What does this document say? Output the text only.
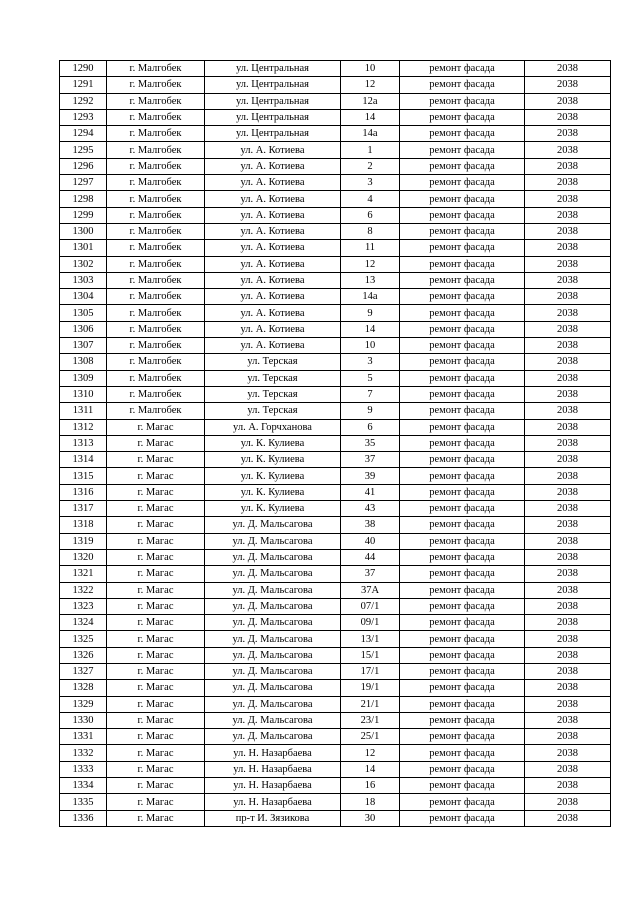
1290	г. Малгобек	ул. Центральная	10	ремонт фасада	2038
1291	г. Малгобек	ул. Центральная	12	ремонт фасада	2038
1292	г. Малгобек	ул. Центральная	12а	ремонт фасада	2038
1293	г. Малгобек	ул. Центральная	14	ремонт фасада	2038
1294	г. Малгобек	ул. Центральная	14а	ремонт фасада	2038
1295	г. Малгобек	ул. А. Котиева	1	ремонт фасада	2038
1296	г. Малгобек	ул. А. Котиева	2	ремонт фасада	2038
1297	г. Малгобек	ул. А. Котиева	3	ремонт фасада	2038
1298	г. Малгобек	ул. А. Котиева	4	ремонт фасада	2038
1299	г. Малгобек	ул. А. Котиева	6	ремонт фасада	2038
1300	г. Малгобек	ул. А. Котиева	8	ремонт фасада	2038
1301	г. Малгобек	ул. А. Котиева	11	ремонт фасада	2038
1302	г. Малгобек	ул. А. Котиева	12	ремонт фасада	2038
1303	г. Малгобек	ул. А. Котиева	13	ремонт фасада	2038
1304	г. Малгобек	ул. А. Котиева	14а	ремонт фасада	2038
1305	г. Малгобек	ул. А. Котиева	9	ремонт фасада	2038
1306	г. Малгобек	ул. А. Котиева	14	ремонт фасада	2038
1307	г. Малгобек	ул. А. Котиева	10	ремонт фасада	2038
1308	г. Малгобек	ул. Терская	3	ремонт фасада	2038
1309	г. Малгобек	ул. Терская	5	ремонт фасада	2038
1310	г. Малгобек	ул. Терская	7	ремонт фасада	2038
1311	г. Малгобек	ул. Терская	9	ремонт фасада	2038
1312	г. Магас	ул. А. Горчханова	6	ремонт фасада	2038
1313	г. Магас	ул. К. Кулиева	35	ремонт фасада	2038
1314	г. Магас	ул. К. Кулиева	37	ремонт фасада	2038
1315	г. Магас	ул. К. Кулиева	39	ремонт фасада	2038
1316	г. Магас	ул. К. Кулиева	41	ремонт фасада	2038
1317	г. Магас	ул. К. Кулиева	43	ремонт фасада	2038
1318	г. Магас	ул. Д. Мальсагова	38	ремонт фасада	2038
1319	г. Магас	ул. Д. Мальсагова	40	ремонт фасада	2038
1320	г. Магас	ул. Д. Мальсагова	44	ремонт фасада	2038
1321	г. Магас	ул. Д. Мальсагова	37	ремонт фасада	2038
1322	г. Магас	ул. Д. Мальсагова	37А	ремонт фасада	2038
1323	г. Магас	ул. Д. Мальсагова	07/1	ремонт фасада	2038
1324	г. Магас	ул. Д. Мальсагова	09/1	ремонт фасада	2038
1325	г. Магас	ул. Д. Мальсагова	13/1	ремонт фасада	2038
1326	г. Магас	ул. Д. Мальсагова	15/1	ремонт фасада	2038
1327	г. Магас	ул. Д. Мальсагова	17/1	ремонт фасада	2038
1328	г. Магас	ул. Д. Мальсагова	19/1	ремонт фасада	2038
1329	г. Магас	ул. Д. Мальсагова	21/1	ремонт фасада	2038
1330	г. Магас	ул. Д. Мальсагова	23/1	ремонт фасада	2038
1331	г. Магас	ул. Д. Мальсагова	25/1	ремонт фасада	2038
1332	г. Магас	ул. Н. Назарбаева	12	ремонт фасада	2038
1333	г. Магас	ул. Н. Назарбаева	14	ремонт фасада	2038
1334	г. Магас	ул. Н. Назарбаева	16	ремонт фасада	2038
1335	г. Магас	ул. Н. Назарбаева	18	ремонт фасада	2038
1336	г. Магас	пр-т И. Зязикова	30	ремонт фасада	2038
